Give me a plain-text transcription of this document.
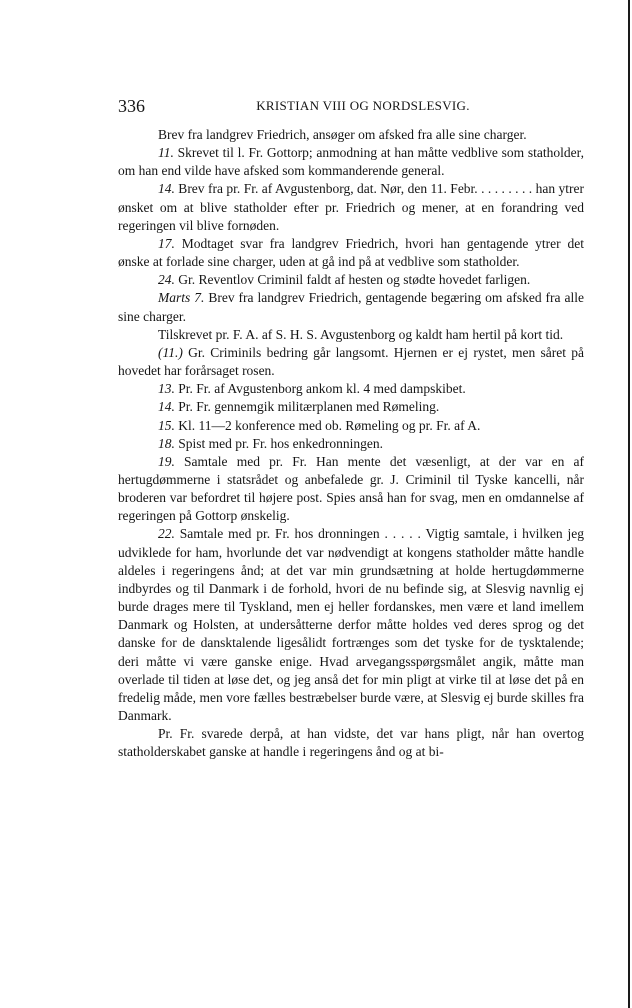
336	KRISTIAN VIII OG NORDSLESVIG.

Brev fra landgrev Friedrich, ansøger om afsked fra alle sine charger.

11. Skrevet til l. Fr. Gottorp; anmodning at han måtte vedblive som statholder, om han end vilde have afsked som kommanderende general.

14. Brev fra pr. Fr. af Avgustenborg, dat. Nør, den 11. Febr. . . . . . . . . han ytrer ønsket om at blive statholder efter pr. Friedrich og mener, at en forandring ved regeringen vil blive fornøden.

17. Modtaget svar fra landgrev Friedrich, hvori han gentagende ytrer det ønske at forlade sine charger, uden at gå ind på at vedblive som statholder.

24. Gr. Reventlov Criminil faldt af hesten og stødte hovedet farligen.

Marts 7. Brev fra landgrev Friedrich, gentagende begæring om afsked fra alle sine charger.

Tilskrevet pr. F. A. af S. H. S. Avgustenborg og kaldt ham hertil på kort tid.

(11.) Gr. Criminils bedring går langsomt. Hjernen er ej rystet, men såret på hovedet har forårsaget rosen.

13. Pr. Fr. af Avgustenborg ankom kl. 4 med dampskibet.

14. Pr. Fr. gennemgik militærplanen med Rømeling.

15. Kl. 11—2 konference med ob. Rømeling og pr. Fr. af A.

18. Spist med pr. Fr. hos enkedronningen.

19. Samtale med pr. Fr. Han mente det væsenligt, at der var en af hertugdømmerne i statsrådet og anbefalede gr. J. Criminil til Tyske kancelli, når broderen var befordret til højere post. Spies anså han for svag, men en omdannelse af regeringen på Gottorp ønskelig.

22. Samtale med pr. Fr. hos dronningen . . . . . Vigtig samtale, i hvilken jeg udviklede for ham, hvorlunde det var nødvendigt at kongens statholder måtte handle aldeles i regeringens ånd; at det var min grundsætning at holde hertugdømmerne indbyrdes og til Danmark i de forhold, hvori de nu befinde sig, at Slesvig navnlig ej burde drages mere til Tyskland, men ej heller fordanskes, men være et land imellem Danmark og Holsten, at undersåtterne derfor måtte holdes ved deres sprog og det danske for de dansktalende ligesålidt fortrænges som det tyske for de tysktalende; deri måtte vi være ganske enige. Hvad arvegangsspørgsmålet angik, måtte man overlade til tiden at løse det, og jeg anså det for min pligt at virke til at løse det på en fredelig måde, men vore fælles bestræbelser burde være, at Slesvig ej burde skilles fra Danmark.

Pr. Fr. svarede derpå, at han vidste, det var hans pligt, når han overtog statholderskabet ganske at handle i regeringens ånd og at bi-
